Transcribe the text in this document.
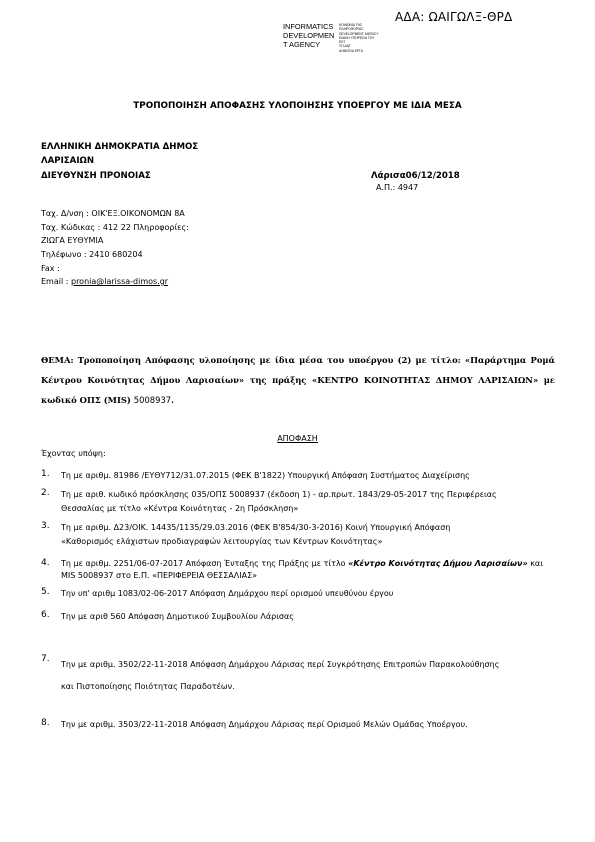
ΑΔΑ: ΩΑΙΓΩΛΞ-ΘΡΔ
INFORMATICS
DEVELOPMEN
T AGENCY
ΚΟΙΝΩΝΙΑ ΤΗΣ
ΠΛΗΡΟΦΟΡΙΑΣ
DEVELOPMENT AGENCY
ΕΙΔΙΚΗ ΥΠΗΡΕΣΙΑ ΤΟΥ
ΕΚΤ
ΥΠ.ΑΑΤ
ΔΗΜΟΣΙΑ ΕΡΓΑ
ΤΡΟΠΟΠΟΙΗΣΗ ΑΠΟΦΑΣΗΣ ΥΛΟΠΟΙΗΣΗΣ ΥΠΟΕΡΓΟΥ ΜΕ ΙΔΙΑ ΜΕΣΑ
ΕΛΛΗΝΙΚΗ ΔΗΜΟΚΡΑΤΙΑ ΔΗΜΟΣ
ΛΑΡΙΣΑΙΩΝ
ΔΙΕΥΘΥΝΣΗ ΠΡΟΝΟΙΑΣ	Λάρισα06/12/2018
Α.Π.: 4947
Ταχ. Δ/νση : ΟΙΚ'ΕΞ.ΟΙΚΟΝΟΜΩΝ 8Α
Ταχ. Κώδικας : 412 22 Πληροφορίες:
ΖΙΩΓΑ ΕΥΘΥΜΙΑ
Τηλέφωνο : 2410 680204
Fax :
Email : pronia@larissa-dimos.gr
ΘΕΜΑ: Τροποποίηση Απόφασης υλοποίησης με ίδια μέσα του υποέργου (2) με τίτλο: «Παράρτημα Ρομά Κέντρου Κοινότητας Δήμου Λαρισαίων» της πράξης «ΚΕΝΤΡΟ ΚΟΙΝΟΤΗΤΑΣ ΔΗΜΟΥ ΛΑΡΙΣΑΙΩΝ» με κωδικό ΟΠΣ (MIS) 5008937.
ΑΠΟΦΑΣΗ
Έχοντας υπόψη:
1. Τη με αριθμ. 81986 /ΕΥΘΥ712/31.07.2015 (ΦΕΚ Β'1822) Υπουργική Απόφαση Συστήματος Διαχείρισης
2. Τη με αριθ. κωδικό πρόσκλησης 035/ΟΠΣ 5008937 (έκδοση 1) - αρ.πρωτ. 1843/29-05-2017 της Περιφέρειας
Θεσσαλίας με τίτλο «Κέντρα Κοινότητας - 2η Πρόσκληση»
3. Τη με αριθμ. Δ23/ΟΙΚ. 14435/1135/29.03.2016 (ΦΕΚ Β'854/30-3-2016) Κοινή Υπουργική Απόφαση
«Καθορισμός ελάχιστων προδιαγραφών λειτουργίας των Κέντρων Κοινότητας»
4. Τη με αριθμ. 2251/06-07-2017 Απόφαση Ένταξης της Πράξης με τίτλο «Κέντρο Κοινότητας Δήμου Λαρισαίων» και MIS 5008937 στο Ε.Π. «ΠΕΡΙΦΕΡΕΙΑ ΘΕΣΣΑΛΙΑΣ»
5. Την υπ' αριθμ 1083/02-06-2017 Απόφαση Δημάρχου περί ορισμού υπευθύνου έργου
6. Την με αριθ 560 Απόφαση Δημοτικού Συμβουλίου Λάρισας
7.
Την με αριθμ. 3502/22-11-2018 Απόφαση Δημάρχου Λάρισας περί Συγκρότησης Επιτροπών Παρακολούθησης
και Πιστοποίησης Ποιότητας Παραδοτέων.
8. Την με αριθμ. 3503/22-11-2018 Απόφαση Δημάρχου Λάρισας περί Ορισμού Μελών Ομάδας Υποέργου.
